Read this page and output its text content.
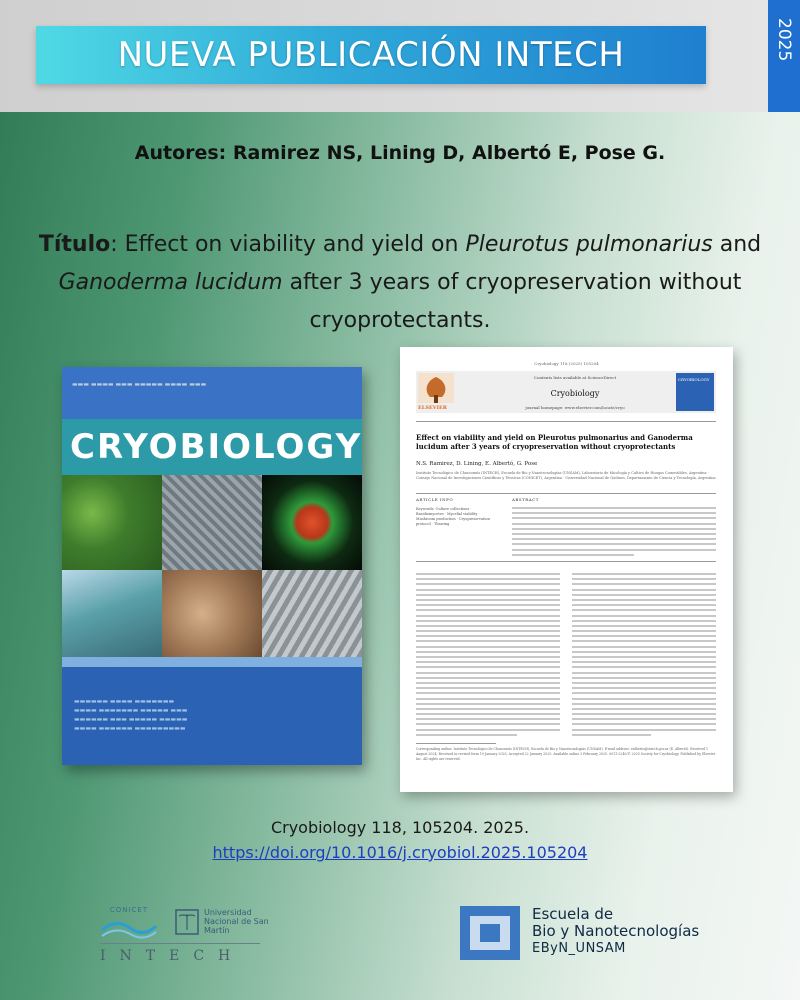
NUEVA PUBLICACIÓN INTECH	2025
Autores: Ramirez NS, Lining D, Albertó E, Pose G.
Título: Effect on viability and yield on Pleurotus pulmonarius and Ganoderma lucidum after 3 years of cryopreservation without cryoprotectants.
▬▬▬ ▬▬▬▬ ▬▬▬ ▬▬▬▬▬ ▬▬▬▬ ▬▬▬
CRYOBIOLOGY
▬▬▬▬▬▬ ▬▬▬▬ ▬▬▬▬▬▬▬
▬▬▬▬ ▬▬▬▬▬▬▬ ▬▬▬▬▬ ▬▬▬
▬▬▬▬▬▬ ▬▬▬ ▬▬▬▬▬ ▬▬▬▬▬
▬▬▬▬ ▬▬▬▬▬▬ ▬▬▬▬▬▬▬▬▬
Cryobiology 118 (2025) 105204
ELSEVIER
Contents lists available at ScienceDirect
Cryobiology
journal homepage: www.elsevier.com/locate/cryo
CRYOBIOLOGY
Effect on viability and yield on Pleurotus pulmonarius and Ganoderma lucidum after 3 years of cryopreservation without cryoprotectants
N.S. Ramirez, D. Lining, E. Albertó, G. Pose
Instituto Tecnológico de Chascomús (INTECH), Escuela de Bio y Nanotecnologías (UNSAM), Laboratorio de Micología y Cultivo de Hongos Comestibles, Argentina · Consejo Nacional de Investigaciones Científicas y Técnicas (CONICET), Argentina · Universidad Nacional de Quilmes, Departamento de Ciencia y Tecnología, Argentina
ARTICLE INFO	ABSTRACT
Keywords: Culture collections · Basidiomycetes · Mycelial viability · Mushroom production · Cryopreservation protocol · Thawing
Corresponding author. Instituto Tecnológico de Chascomús (INTECH), Escuela de Bio y Nanotecnologías (UNSAM). E-mail address: ealberto@intech.gov.ar (E. Albertó). Received 1 August 2024; Received in revised form 19 January 2025; Accepted 22 January 2025. Available online 3 February 2025. 0011-2240/© 2025 Society for Cryobiology. Published by Elsevier Inc. All rights are reserved.
Cryobiology 118, 105204. 2025.
https://doi.org/10.1016/j.cryobiol.2025.105204
CONICET	Universidad Nacional de San Martín
INTECH
Escuela de
Bio y Nanotecnologías
EByN_UNSAM
